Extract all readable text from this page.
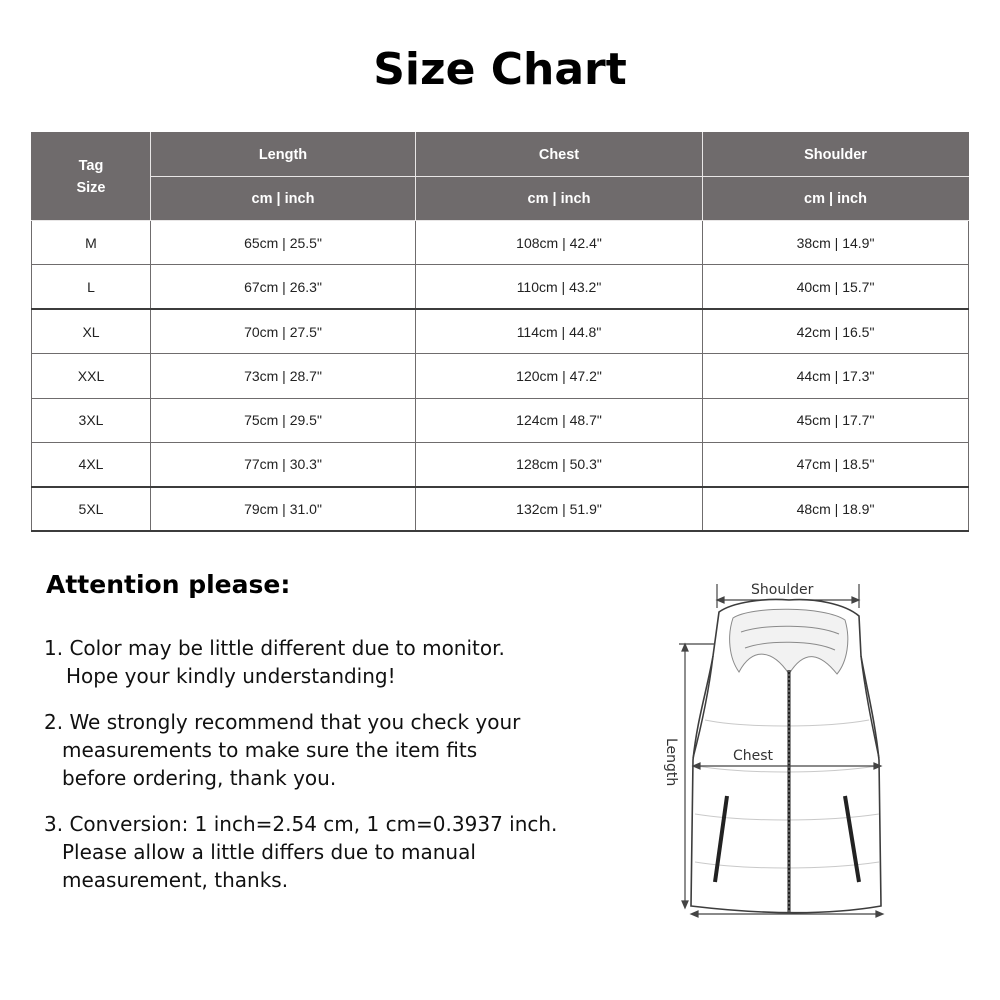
Size Chart
Tag
Size	Length	Chest	Shoulder
	cm | inch	cm | inch	cm | inch
M	65cm | 25.5"	108cm | 42.4"	38cm | 14.9"
L	67cm | 26.3"	110cm | 43.2"	40cm | 15.7"
XL	70cm | 27.5"	114cm | 44.8"	42cm | 16.5"
XXL	73cm | 28.7"	120cm | 47.2"	44cm | 17.3"
3XL	75cm | 29.5"	124cm | 48.7"	45cm | 17.7"
4XL	77cm | 30.3"	128cm | 50.3"	47cm | 18.5"
5XL	79cm | 31.0"	132cm | 51.9"	48cm | 18.9"
Attention please:
1. Color may be little different due to monitor.
Hope your kindly understanding!
2. We strongly recommend that you check your
measurements to make sure the item fits
before ordering, thank you.
3. Conversion: 1 inch=2.54 cm, 1 cm=0.3937 inch.
Please allow a little differs due to manual
measurement, thanks.
Shoulder
Chest
Length
